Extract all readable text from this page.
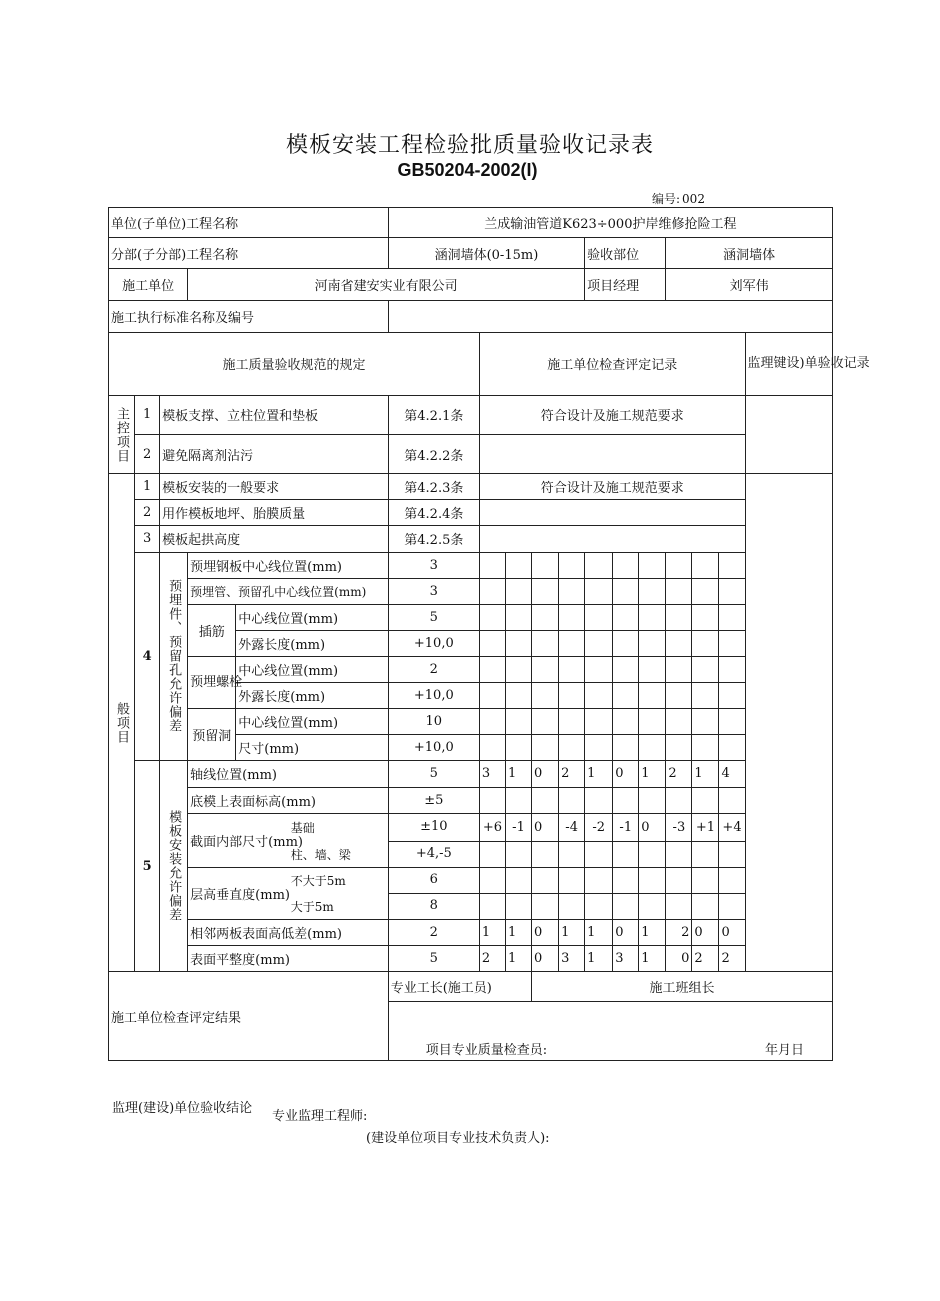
模板安装工程检验批质量验收记录表
GB50204-2002(I)
编号: 002
单位(子单位)工程名称					兰成输油管道K623÷000护岸维修抢险工程											
分部(子分部)工程名称					涵洞墙体(0-15m)					验收部位			涵洞墙体			
施工单位			河南省建安实业有限公司							项目经理			刘军伟			
施工执行标准名称及编号																
施工质量验收规范的规定						施工单位检查评定记录										监理键设)单验收记录
主控项目	1	模板支撑、立柱位置和垫板			第4.2.1条	符合设计及施工规范要求										
	2	避免隔离剂沾污			第4.2.2条											
般项目	1	模板安装的一般要求			第4.2.3条	符合设计及施工规范要求										
	2	用作模板地坪、胎膜质量			第4.2.4条											
	3	模板起拱高度			第4.2.5条											
	4	预埋件、预留孔允许偏差	预埋钢板中心线位置(mm)		3											
			预埋管、预留孔中心线位置(mm)		3											
			插筋	中心线位置(mm)	5											
				外露长度(mm)	+10,0											
			预埋螺栓	中心线位置(mm)	2											
				外露长度(mm)	+10,0											
			预留洞	中心线位置(mm)	10											
				尺寸(mm)	+10,0											
	5	模板安装允许偏差	轴线位置(mm)		5	3	1	0	2	1	0	1	2	1	4	
			底模上表面标高(mm)		±5											

			截面内部尺寸(mm)		基础 ±10	+6	-1	0	-4	-2	-1	0	-3	+1	+4	

					柱、墙、梁 +4,-5											
			层高垂直度(mm)		不大于5m 6											

					大于5m 8											
			相邻两板表面高低差(mm)		2	1	1	0	1	1	0	1	2	0	0	
			表面平整度(mm)		5	2	1	0	3	1	3	1	0	2	2	
施工单位检查评定结果					专业工长(施工员)			施工班组长								

					项目专业质量检查员: 年月日											
监理(建设)单位验收结论
专业监理工程师:
(建设单位项目专业技术负责人):
